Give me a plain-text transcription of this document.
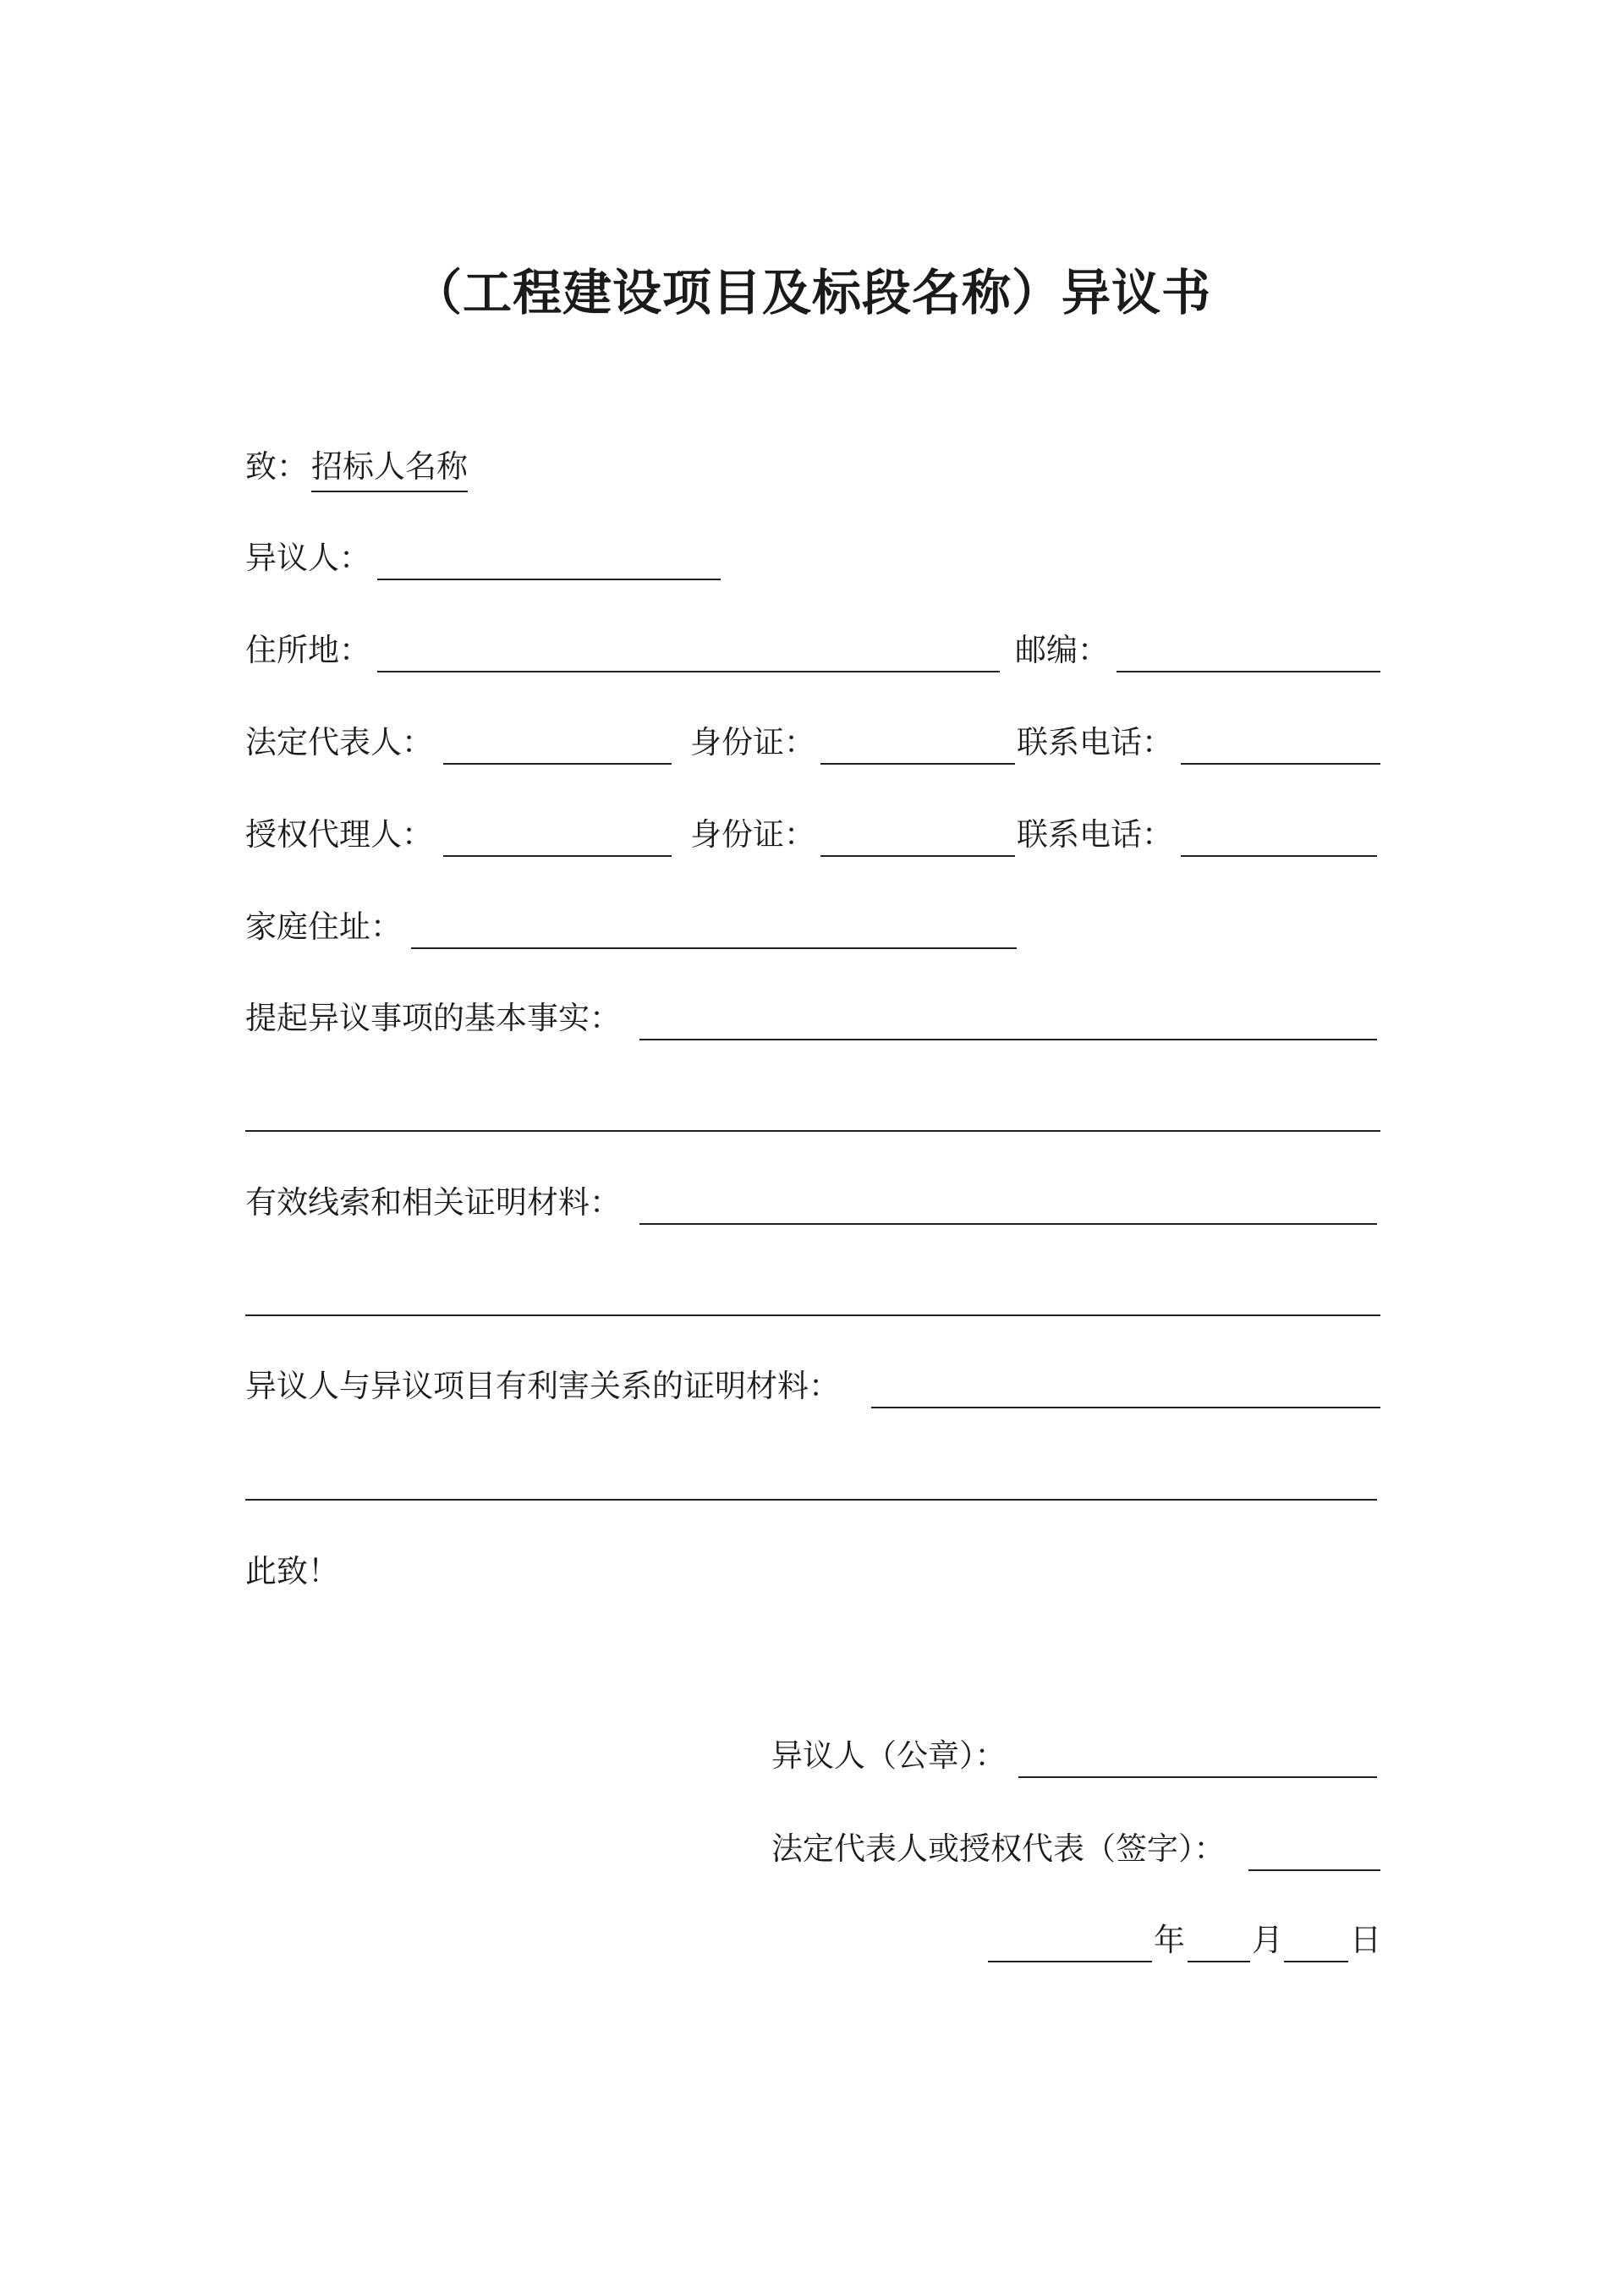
（工程建设项目及标段名称）异议书
致： 招标人名称
异议人：
住所地：	邮编：
法定代表人：	身份证：	联系电话：
授权代理人：	身份证：	联系电话：
家庭住址：
提起异议事项的基本事实：
有效线索和相关证明材料：
异议人与异议项目有利害关系的证明材料：
此致！
异议人（公章）：
法定代表人或授权代表（签字）：
年 月 日
